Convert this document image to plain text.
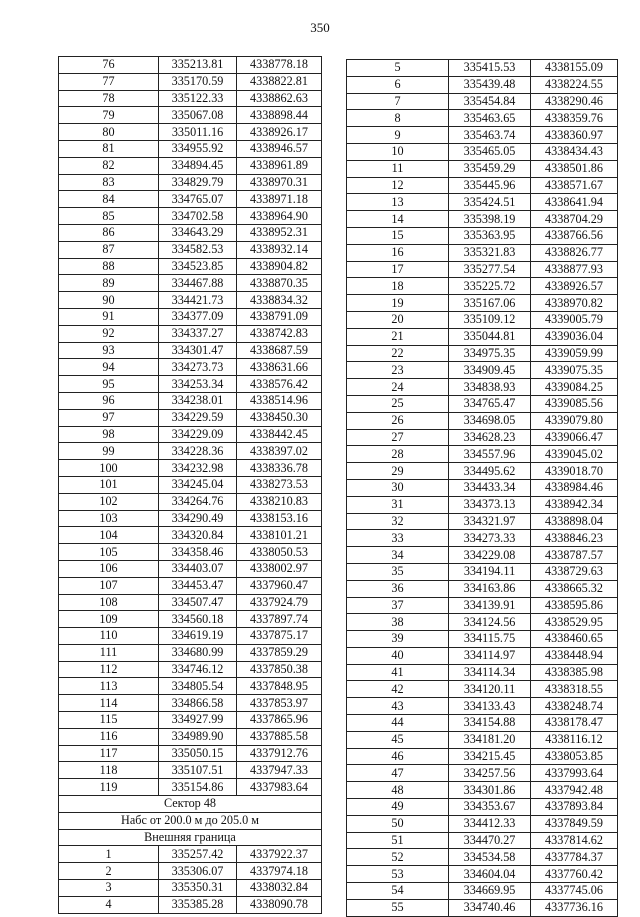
350
76	335213.81	4338778.18
77	335170.59	4338822.81
78	335122.33	4338862.63
79	335067.08	4338898.44
80	335011.16	4338926.17
81	334955.92	4338946.57
82	334894.45	4338961.89
83	334829.79	4338970.31
84	334765.07	4338971.18
85	334702.58	4338964.90
86	334643.29	4338952.31
87	334582.53	4338932.14
88	334523.85	4338904.82
89	334467.88	4338870.35
90	334421.73	4338834.32
91	334377.09	4338791.09
92	334337.27	4338742.83
93	334301.47	4338687.59
94	334273.73	4338631.66
95	334253.34	4338576.42
96	334238.01	4338514.96
97	334229.59	4338450.30
98	334229.09	4338442.45
99	334228.36	4338397.02
100	334232.98	4338336.78
101	334245.04	4338273.53
102	334264.76	4338210.83
103	334290.49	4338153.16
104	334320.84	4338101.21
105	334358.46	4338050.53
106	334403.07	4338002.97
107	334453.47	4337960.47
108	334507.47	4337924.79
109	334560.18	4337897.74
110	334619.19	4337875.17
111	334680.99	4337859.29
112	334746.12	4337850.38
113	334805.54	4337848.95
114	334866.58	4337853.97
115	334927.99	4337865.96
116	334989.90	4337885.58
117	335050.15	4337912.76
118	335107.51	4337947.33
119	335154.86	4337983.64
Сектор 48		
Набс от 200.0 м до 205.0 м		
Внешняя граница		
1	335257.42	4337922.37
2	335306.07	4337974.18
3	335350.31	4338032.84
4	335385.28	4338090.78
5	335415.53	4338155.09
6	335439.48	4338224.55
7	335454.84	4338290.46
8	335463.65	4338359.76
9	335463.74	4338360.97
10	335465.05	4338434.43
11	335459.29	4338501.86
12	335445.96	4338571.67
13	335424.51	4338641.94
14	335398.19	4338704.29
15	335363.95	4338766.56
16	335321.83	4338826.77
17	335277.54	4338877.93
18	335225.72	4338926.57
19	335167.06	4338970.82
20	335109.12	4339005.79
21	335044.81	4339036.04
22	334975.35	4339059.99
23	334909.45	4339075.35
24	334838.93	4339084.25
25	334765.47	4339085.56
26	334698.05	4339079.80
27	334628.23	4339066.47
28	334557.96	4339045.02
29	334495.62	4339018.70
30	334433.34	4338984.46
31	334373.13	4338942.34
32	334321.97	4338898.04
33	334273.33	4338846.23
34	334229.08	4338787.57
35	334194.11	4338729.63
36	334163.86	4338665.32
37	334139.91	4338595.86
38	334124.56	4338529.95
39	334115.75	4338460.65
40	334114.97	4338448.94
41	334114.34	4338385.98
42	334120.11	4338318.55
43	334133.43	4338248.74
44	334154.88	4338178.47
45	334181.20	4338116.12
46	334215.45	4338053.85
47	334257.56	4337993.64
48	334301.86	4337942.48
49	334353.67	4337893.84
50	334412.33	4337849.59
51	334470.27	4337814.62
52	334534.58	4337784.37
53	334604.04	4337760.42
54	334669.95	4337745.06
55	334740.46	4337736.16
